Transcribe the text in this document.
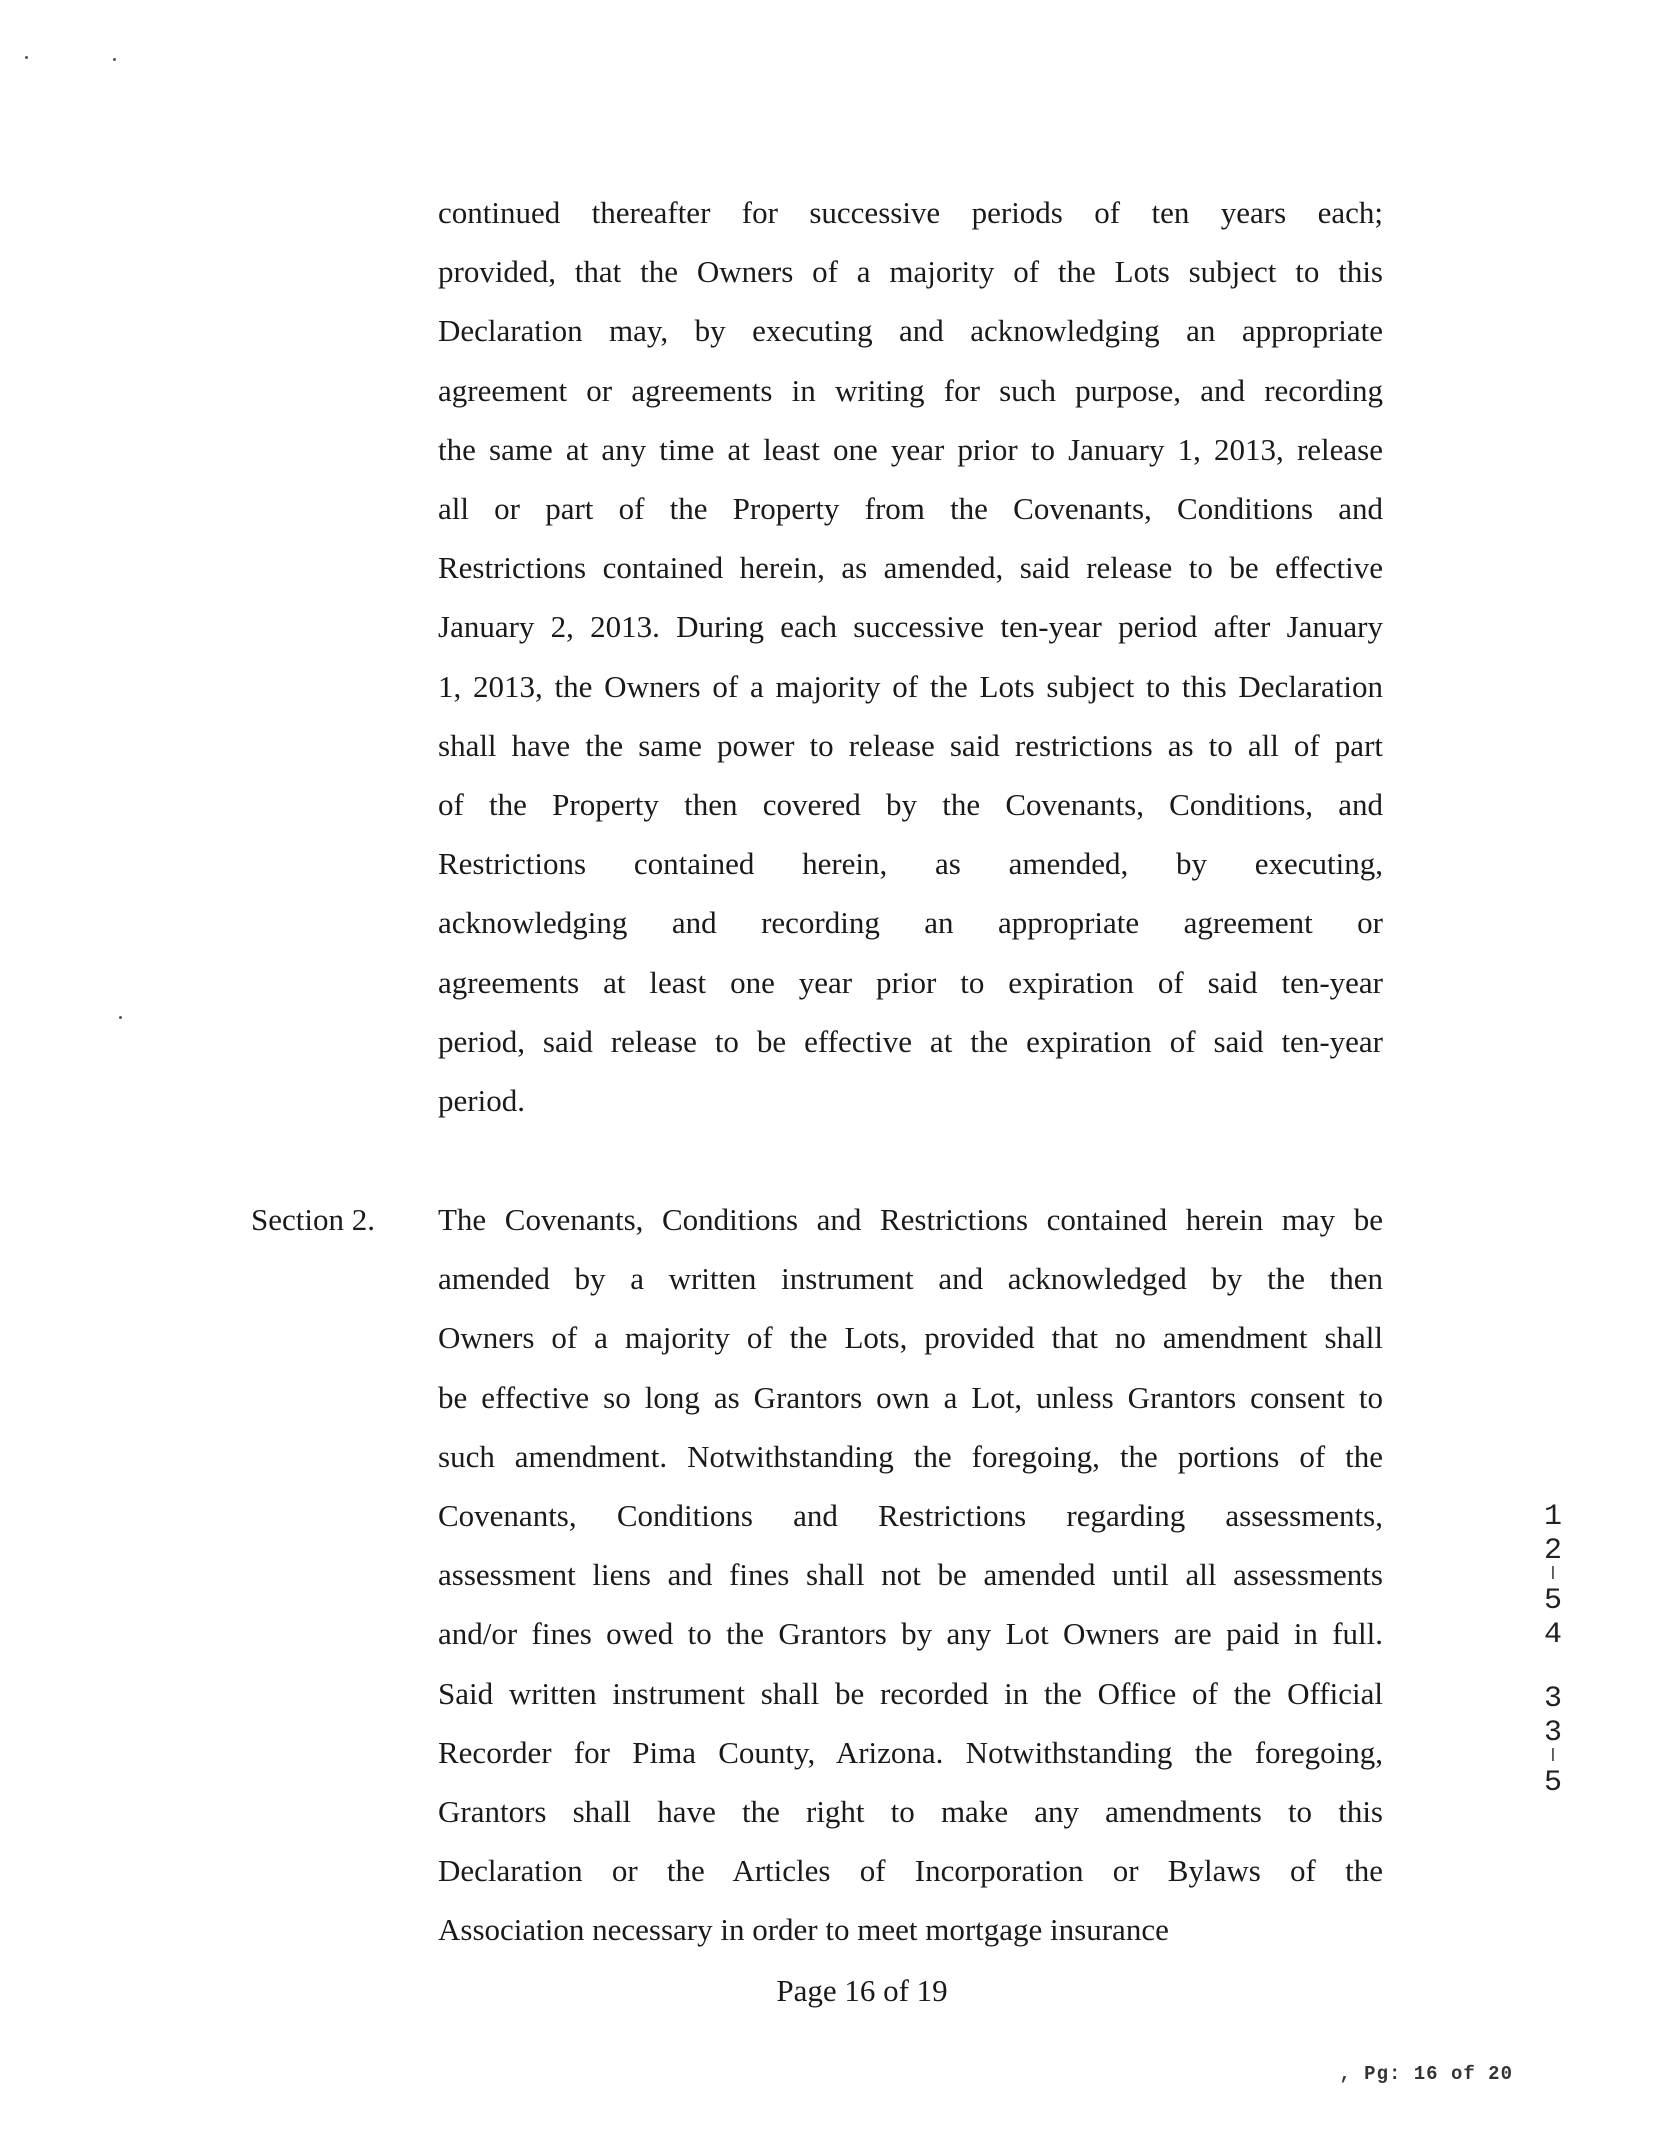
continued thereafter for successive periods of ten years each;
provided, that the Owners of a majority of the Lots subject to this
Declaration may, by executing and acknowledging an appropriate
agreement or agreements in writing for such purpose, and recording
the same at any time at least one year prior to January 1, 2013, release
all or part of the Property from the Covenants, Conditions and
Restrictions contained herein, as amended, said release to be effective
January 2, 2013. During each successive ten-year period after January
1, 2013, the Owners of a majority of the Lots subject to this Declaration
shall have the same power to release said restrictions as to all of part
of the Property then covered by the Covenants, Conditions, and
Restrictions contained herein, as amended, by executing,
acknowledging and recording an appropriate agreement or
agreements at least one year prior to expiration of said ten-year
period, said release to be effective at the expiration of said ten-year
period.
Section 2. The Covenants, Conditions and Restrictions contained herein may be
amended by a written instrument and acknowledged by the then
Owners of a majority of the Lots, provided that no amendment shall
be effective so long as Grantors own a Lot, unless Grantors consent to
such amendment. Notwithstanding the foregoing, the portions of the
Covenants, Conditions and Restrictions regarding assessments,
assessment liens and fines shall not be amended until all assessments
and/or fines owed to the Grantors by any Lot Owners are paid in full.
Said written instrument shall be recorded in the Office of the Official
Recorder for Pima County, Arizona. Notwithstanding the foregoing,
Grantors shall have the right to make any amendments to this
Declaration or the Articles of Incorporation or Bylaws of the
Association necessary in order to meet mortgage insurance
Page 16 of 19
1
2
ꟾ
5
4
3
3
ꟾ
5
, Pg: 16 of 20
